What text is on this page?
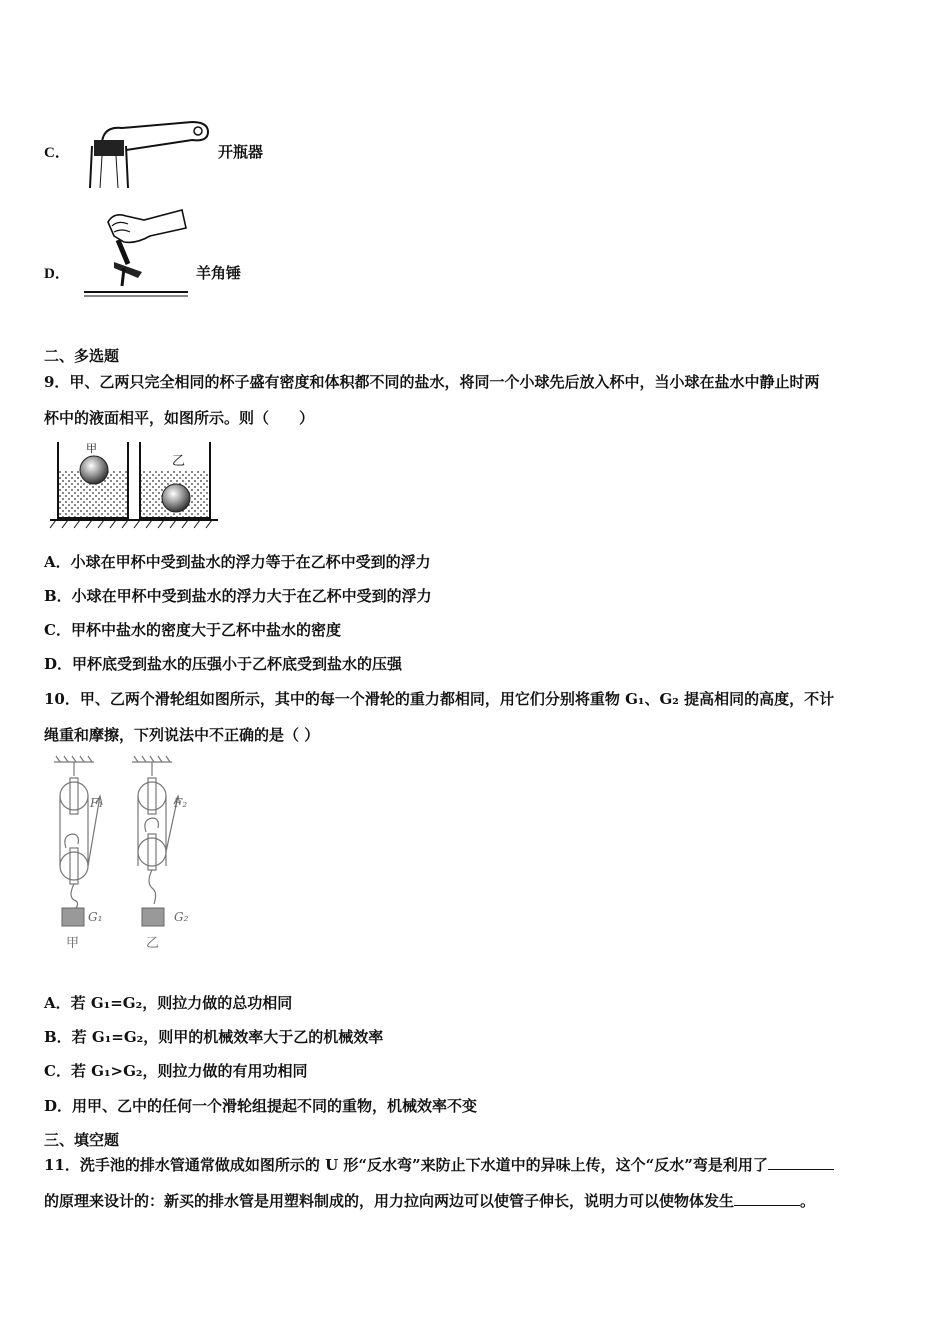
C．	开瓶器
D．	羊角锤
二、多选题
9．甲、乙两只完全相同的杯子盛有密度和体积都不同的盐水，将同一个小球先后放入杯中，当小球在盐水中静止时两
杯中的液面相平，如图所示。则（　　）
甲
乙
A．小球在甲杯中受到盐水的浮力等于在乙杯中受到的浮力
B．小球在甲杯中受到盐水的浮力大于在乙杯中受到的浮力
C．甲杯中盐水的密度大于乙杯中盐水的密度
D．甲杯底受到盐水的压强小于乙杯底受到盐水的压强
10．甲、乙两个滑轮组如图所示，其中的每一个滑轮的重力都相同，用它们分别将重物 G₁、G₂ 提高相同的高度，不计
绳重和摩擦，下列说法中不正确的是（ ）
F₁	F₂
G₁	G₂
甲	乙
A．若 G₁=G₂，则拉力做的总功相同
B．若 G₁=G₂，则甲的机械效率大于乙的机械效率
C．若 G₁>G₂，则拉力做的有用功相同
D．用甲、乙中的任何一个滑轮组提起不同的重物，机械效率不变
三、填空题
11．洗手池的排水管通常做成如图所示的 U 形“反水弯”来防止下水道中的异味上传，这个“反水”弯是利用了
的原理来设计的：新买的排水管是用塑料制成的，用力拉向两边可以使管子伸长，说明力可以使物体发生	。
